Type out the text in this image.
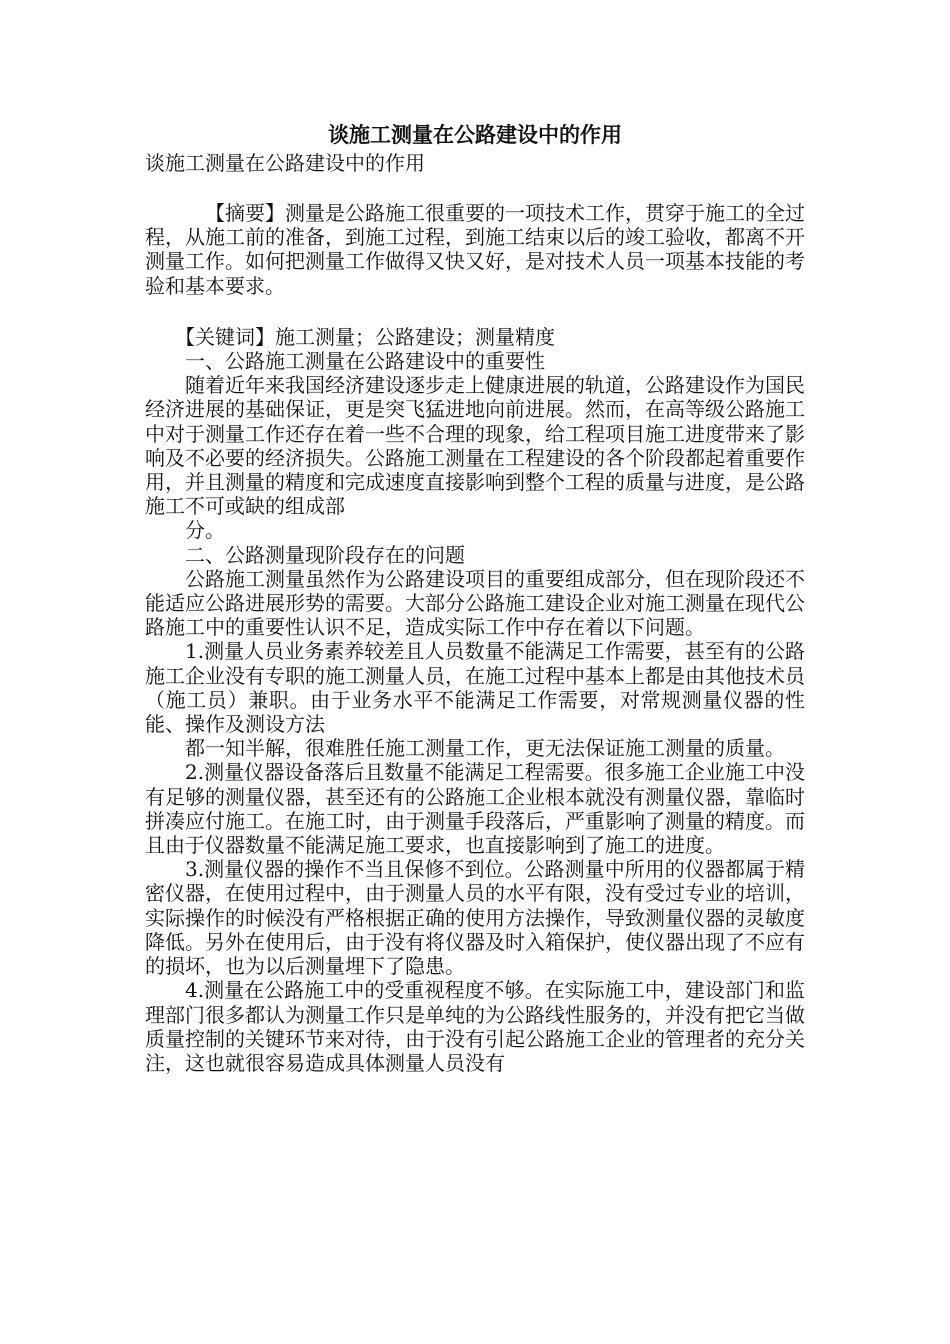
谈施工测量在公路建设中的作用

谈施工测量在公路建设中的作用

【摘要】测量是公路施工很重要的一项技术工作，贯穿于施工的全过程，从施工前的准备，到施工过程，到施工结束以后的竣工验收，都离不开测量工作。如何把测量工作做得又快又好，是对技术人员一项基本技能的考验和基本要求。

【关键词】施工测量；公路建设；测量精度

一、公路施工测量在公路建设中的重要性

随着近年来我国经济建设逐步走上健康进展的轨道，公路建设作为国民经济进展的基础保证，更是突飞猛进地向前进展。然而，在高等级公路施工中对于测量工作还存在着一些不合理的现象，给工程项目施工进度带来了影响及不必要的经济损失。公路施工测量在工程建设的各个阶段都起着重要作用，并且测量的精度和完成速度直接影响到整个工程的质量与进度，是公路施工不可或缺的组成部

分。

二、公路测量现阶段存在的问题

公路施工测量虽然作为公路建设项目的重要组成部分，但在现阶段还不能适应公路进展形势的需要。大部分公路施工建设企业对施工测量在现代公路施工中的重要性认识不足，造成实际工作中存在着以下问题。

1.测量人员业务素养较差且人员数量不能满足工作需要，甚至有的公路施工企业没有专职的施工测量人员，在施工过程中基本上都是由其他技术员（施工员）兼职。由于业务水平不能满足工作需要，对常规测量仪器的性能、操作及测设方法

都一知半解，很难胜任施工测量工作，更无法保证施工测量的质量。

2.测量仪器设备落后且数量不能满足工程需要。很多施工企业施工中没有足够的测量仪器，甚至还有的公路施工企业根本就没有测量仪器，靠临时拼凑应付施工。在施工时，由于测量手段落后，严重影响了测量的精度。而且由于仪器数量不能满足施工要求，也直接影响到了施工的进度。

3.测量仪器的操作不当且保修不到位。公路测量中所用的仪器都属于精密仪器，在使用过程中，由于测量人员的水平有限，没有受过专业的培训，实际操作的时候没有严格根据正确的使用方法操作，导致测量仪器的灵敏度降低。另外在使用后，由于没有将仪器及时入箱保护，使仪器出现了不应有的损坏，也为以后测量埋下了隐患。

4.测量在公路施工中的受重视程度不够。在实际施工中，建设部门和监理部门很多都认为测量工作只是单纯的为公路线性服务的，并没有把它当做质量控制的关键环节来对待，由于没有引起公路施工企业的管理者的充分关注，这也就很容易造成具体测量人员没有
